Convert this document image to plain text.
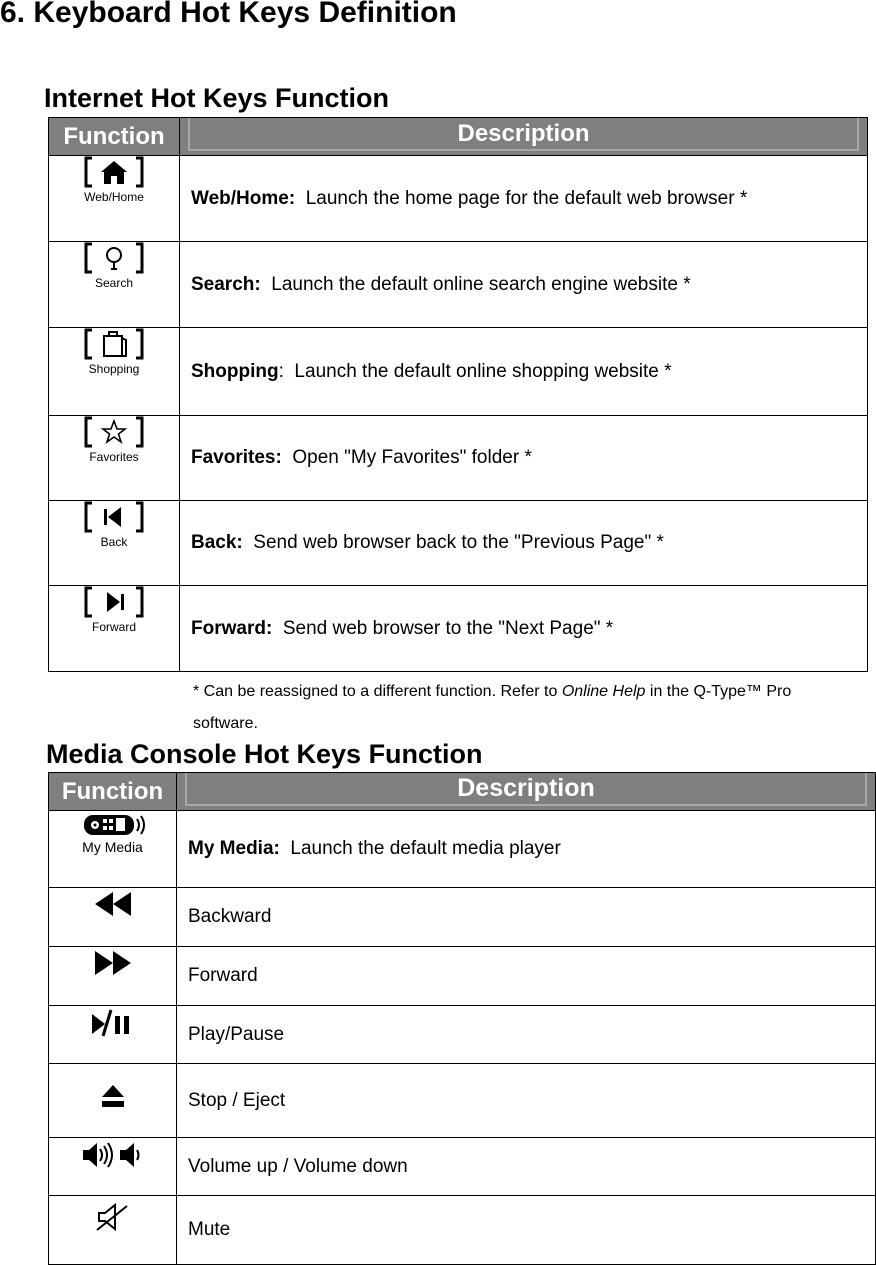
6. Keyboard Hot Keys Definition
Internet Hot Keys Function
Function	Description

Web/Home	Web/Home:  Launch the home page for the default web browser *

Search	Search:  Launch the default online search engine website *

Shopping	Shopping:  Launch the default online shopping website *

Favorites	Favorites:  Open "My Favorites" folder *

Back	Back:  Send web browser back to the "Previous Page" *

Forward	Forward:  Send web browser to the "Next Page" *
* Can be reassigned to a different function. Refer to Online Help in the Q-Type™ Pro software.
Media Console Hot Keys Function
Function	Description

My Media	My Media:  Launch the default media player

	Backward

	Forward

	Play/Pause

	Stop / Eject

	Volume up / Volume down

	Mute
